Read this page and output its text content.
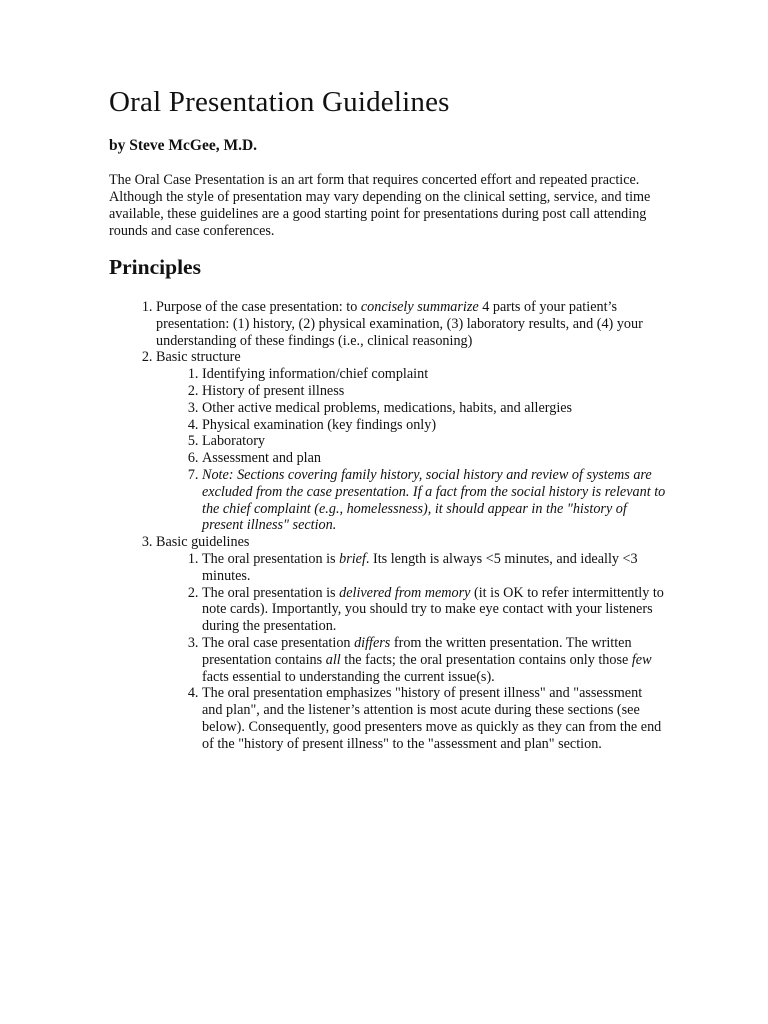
Oral Presentation Guidelines

by Steve McGee, M.D.

The Oral Case Presentation is an art form that requires concerted effort and repeated practice. Although the style of presentation may vary depending on the clinical setting, service, and time available, these guidelines are a good starting point for presentations during post call attending rounds and case conferences.

Principles
1. Purpose of the case presentation: to concisely summarize 4 parts of your patient’s presentation: (1) history, (2) physical examination, (3) laboratory results, and (4) your understanding of these findings (i.e., clinical reasoning)
2. Basic structure
1. Identifying information/chief complaint
2. History of present illness
3. Other active medical problems, medications, habits, and allergies
4. Physical examination (key findings only)
5. Laboratory
6. Assessment and plan
7. Note: Sections covering family history, social history and review of systems are excluded from the case presentation. If a fact from the social history is relevant to the chief complaint (e.g., homelessness), it should appear in the "history of present illness" section.
3. Basic guidelines
1. The oral presentation is brief. Its length is always <5 minutes, and ideally <3 minutes.
2. The oral presentation is delivered from memory (it is OK to refer intermittently to note cards). Importantly, you should try to make eye contact with your listeners during the presentation.
3. The oral case presentation differs from the written presentation. The written presentation contains all the facts; the oral presentation contains only those few facts essential to understanding the current issue(s).
4. The oral presentation emphasizes "history of present illness" and "assessment and plan", and the listener’s attention is most acute during these sections (see below). Consequently, good presenters move as quickly as they can from the end of the "history of present illness" to the "assessment and plan" section.
